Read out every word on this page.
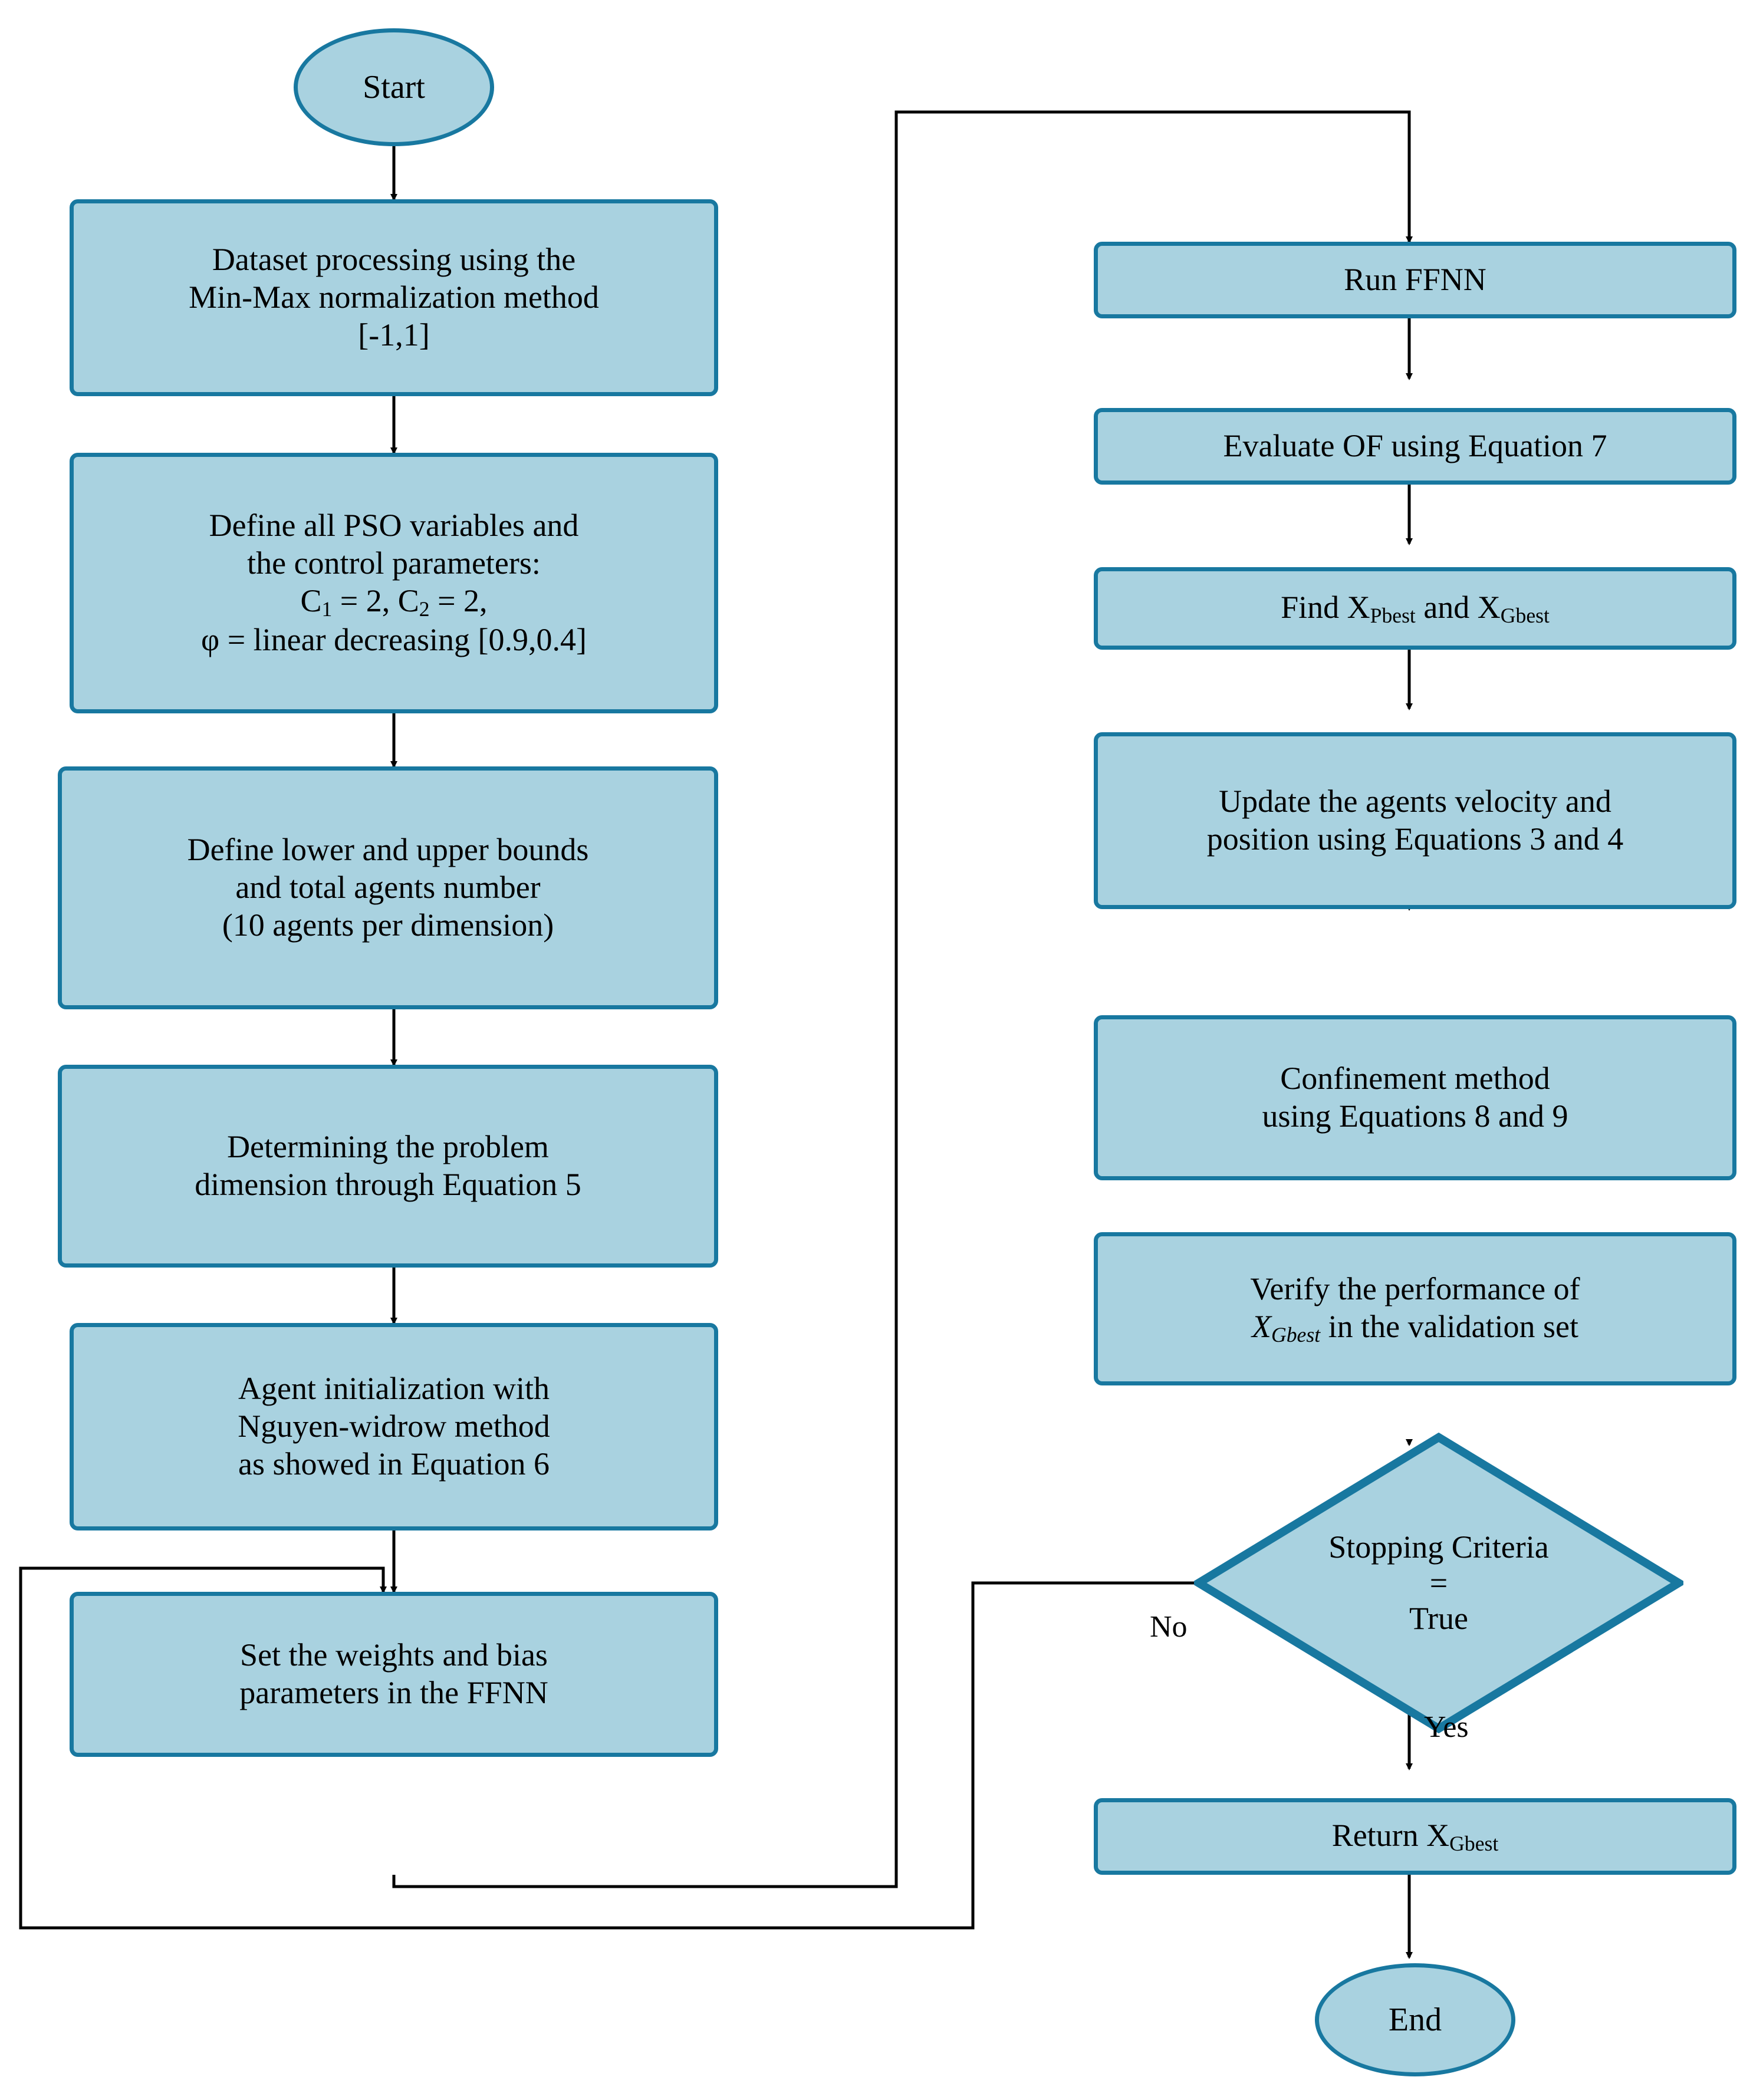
Start
Dataset processing using the
Min-Max normalization method
[-1,1]
Define all PSO variables and
the control parameters:
$C_1 = 2$, $C_2 = 2$,
φ = linear decreasing [0.9,0.4]
Define lower and upper bounds
and total agents number
(10 agents per dimension)
Determining the problem
dimension through Equation 5
Agent initialization with
Nguyen-widrow method
as showed in Equation 6
Set the weights and bias
parameters in the FFNN
Run FFNN
Evaluate OF using Equation 7
Find $X_{Pbest}$ and $X_{Gbest}$
Update the agents velocity and
position using Equations 3 and 4
Confinement method
using Equations 8 and 9
Verify the performance of
$X_{Gbest}$ in the validation set
Stopping Criteria
=
True
No
Yes
Return $X_{Gbest}$
End
